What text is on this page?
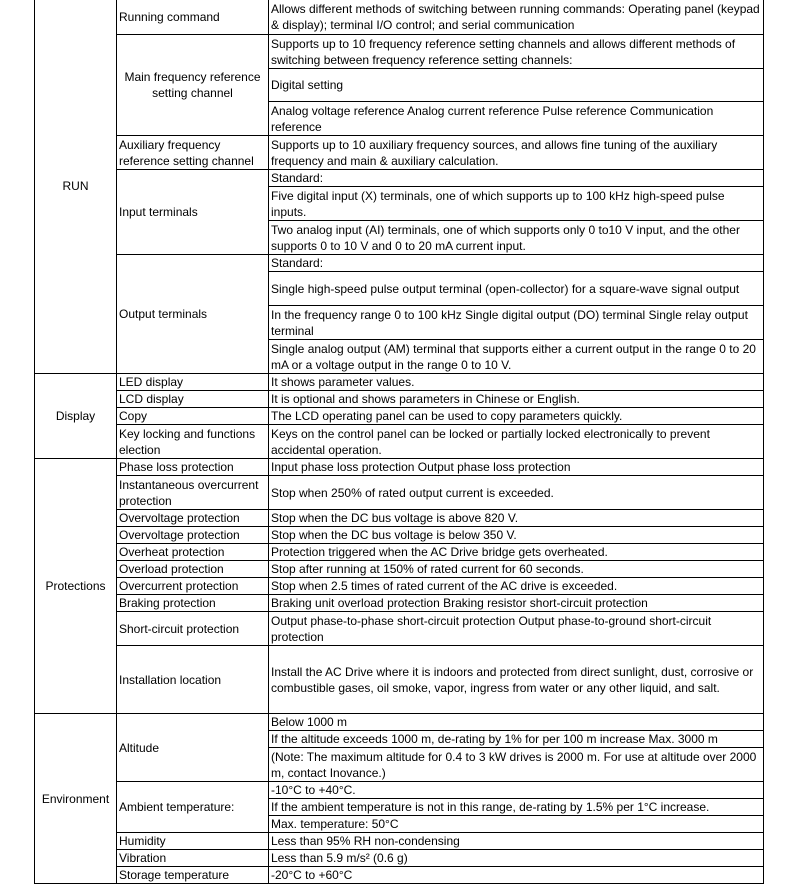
RUN	Running command	Allows different methods of switching between running commands: Operating panel (keypad & display); terminal I/O control; and serial communication
	Main frequency reference setting channel	Supports up to 10 frequency reference setting channels and allows different methods of switching between frequency reference setting channels:
		Digital setting
		Analog voltage reference Analog current reference Pulse reference Communication reference
	Auxiliary frequency reference setting channel	Supports up to 10 auxiliary frequency sources, and allows fine tuning of the auxiliary frequency and main & auxiliary calculation.
	Input terminals	Standard:
		Five digital input (X) terminals, one of which supports up to 100 kHz high-speed pulse inputs.

		Two analog input (AI) terminals, one of which supports only 0 to10 V input, and the other supports 0 to 10 V and 0 to 20 mA current input.

	Output terminals	Standard:
		Single high-speed pulse output terminal (open-collector) for a square-wave signal output

		In the frequency range 0 to 100 kHz Single digital output (DO) terminal Single relay output terminal

		Single analog output (AM) terminal that supports either a current output in the range 0 to 20 mA or a voltage output in the range 0 to 10 V.

Display	LED display	It shows parameter values.
	LCD display	It is optional and shows parameters in Chinese or English.
	Copy	The LCD operating panel can be used to copy parameters quickly.
	Key locking and functions election	Keys on the control panel can be locked or partially locked electronically to prevent accidental operation.

Protections	Phase loss protection	Input phase loss protection Output phase loss protection
	Instantaneous overcurrent protection	Stop when 250% of rated output current is exceeded.
	Overvoltage protection	Stop when the DC bus voltage is above 820 V.
	Overvoltage protection	Stop when the DC bus voltage is below 350 V.
	Overheat protection	Protection triggered when the AC Drive bridge gets overheated.
	Overload protection	Stop after running at 150% of rated current for 60 seconds.
	Overcurrent protection	Stop when 2.5 times of rated current of the AC drive is exceeded.
	Braking protection	Braking unit overload protection Braking resistor short-circuit protection
	Short-circuit protection	Output phase-to-phase short-circuit protection Output phase-to-ground short-circuit protection

	Installation location	Install the AC Drive where it is indoors and protected from direct sunlight, dust, corrosive or combustible gases, oil smoke, vapor, ingress from water or any other liquid, and salt.

Environment	Altitude	Below 1000 m
		If the altitude exceeds 1000 m, de-rating by 1% for per 100 m increase Max. 3000 m
		(Note: The maximum altitude for 0.4 to 3 kW drives is 2000 m. For use at altitude over 2000 m, contact Inovance.)

	Ambient temperature:	-10°C to +40°C.
		If the ambient temperature is not in this range, de-rating by 1.5% per 1°C increase.
		Max. temperature: 50°C
	Humidity	Less than 95% RH non-condensing
	Vibration	Less than 5.9 m/s² (0.6 g)
	Storage temperature	-20°C to +60°C
